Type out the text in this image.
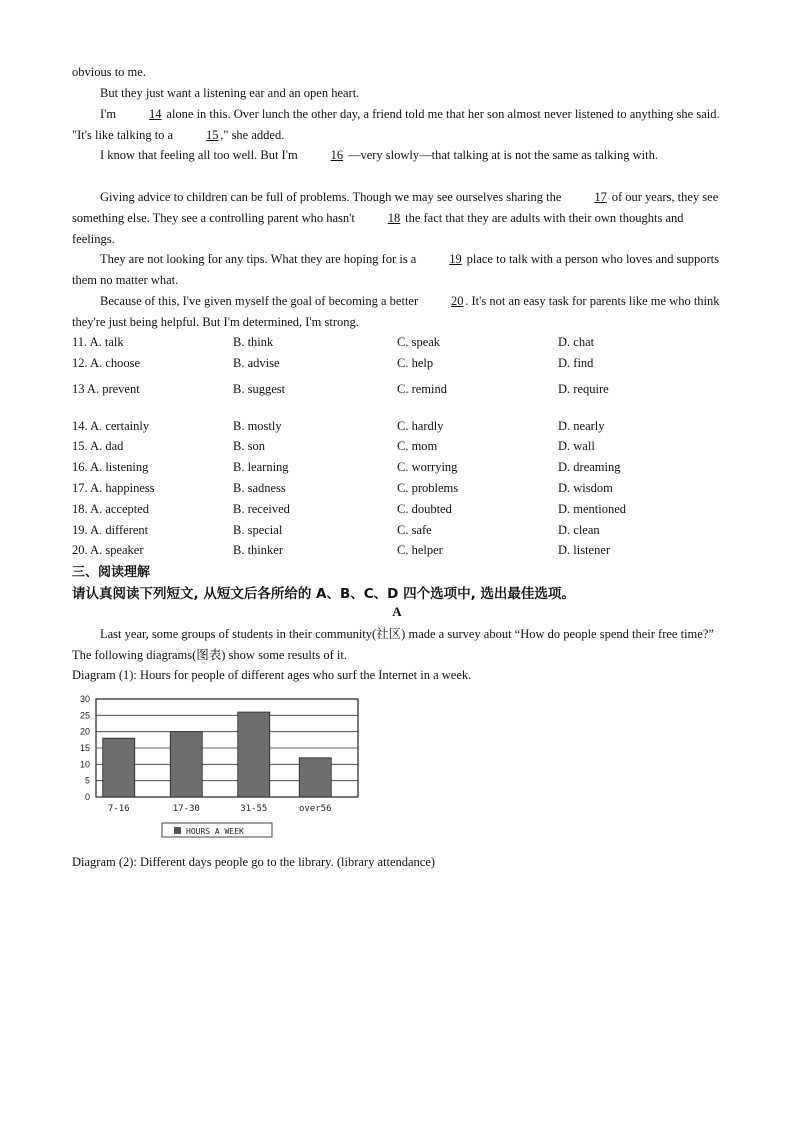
obvious to me.

But they just want a listening ear and an open heart.

I'm 14 alone in this. Over lunch the other day, a friend told me that her son almost never listened to anything she said. "It's like talking to a 15 ," she added.

I know that feeling all too well. But I'm 16 —very slowly—that talking at is not the same as talking with.

Giving advice to children can be full of problems. Though we may see ourselves sharing the 17 of our years, they see something else. They see a controlling parent who hasn't 18 the fact that they are adults with their own thoughts and feelings.

They are not looking for any tips. What they are hoping for is a 19 place to talk with a person who loves and supports them no matter what.

Because of this, I've given myself the goal of becoming a better 20 . It's not an easy task for parents like me who think they're just being helpful. But I'm determined, I'm strong.

11. A. talk	B. think	C. speak	D. chat
12. A. choose	B. advise	C. help	D. find
13 A. prevent	B. suggest	C. remind	D. require
14. A. certainly	B. mostly	C. hardly	D. nearly
15. A. dad	B. son	C. mom	D. wall
16. A. listening	B. learning	C. worrying	D. dreaming
17. A. happiness	B. sadness	C. problems	D. wisdom
18. A. accepted	B. received	C. doubted	D. mentioned
19. A. different	B. special	C. safe	D. clean
20. A. speaker	B. thinker	C. helper	D. listener
三、阅读理解
请认真阅读下列短文, 从短文后各所给的 A、B、C、D 四个选项中, 选出最佳选项。
A

Last year, some groups of students in their community(社区) made a survey about “How do people spend their free time?” The following diagrams(图表) show some results of it.

Diagram (1): Hours for people of different ages who surf the Internet in a week.

0
5
10
15
20
25
30
7-16	17-30	31-55	over56
HOURS A WEEK

Diagram (2): Different days people go to the library. (library attendance)
